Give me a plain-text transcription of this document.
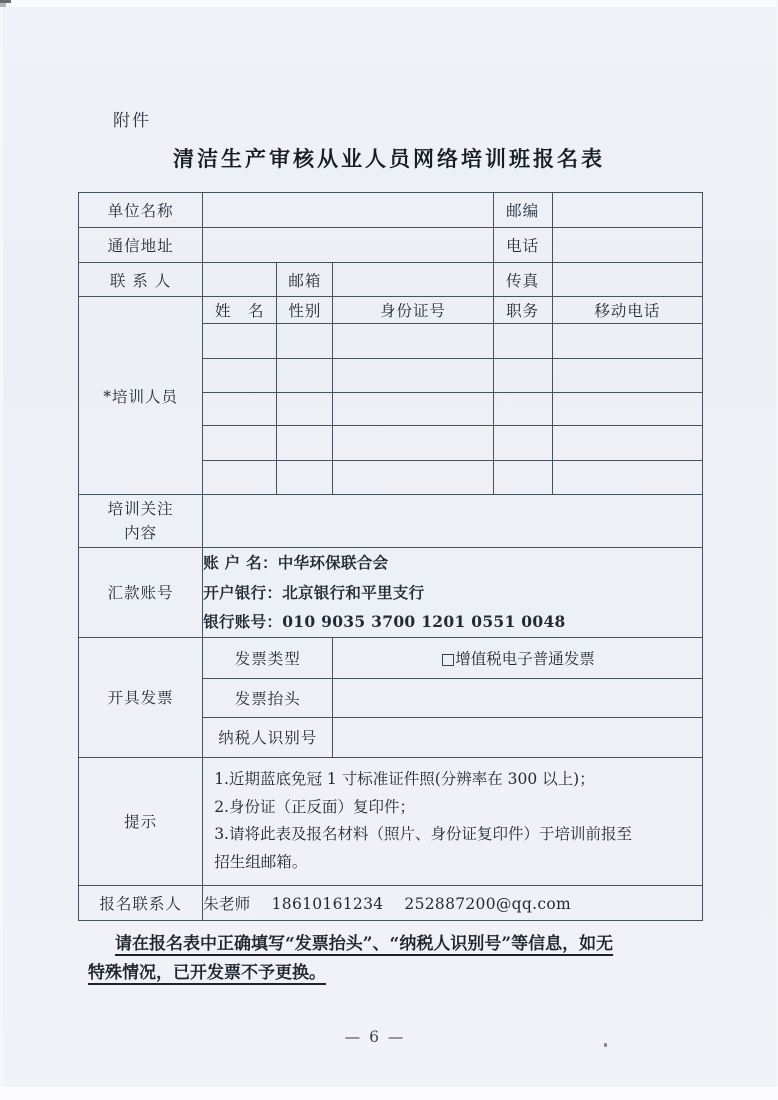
附件
清洁生产审核从业人员网络培训班报名表
单位名称				邮编	
通信地址				电话	
联 系 人		邮箱		传真	
*培训人员	姓　名	性别	身份证号	职务	移动电话

培训关注
内容					

汇款账号	账 户 名：中华环保联合会
开户银行：北京银行和平里支行
银行账号：010 9035 3700 1201 0551 0048				

开具发票	发票类型		□增值税电子普通发票		
	发票抬头				
	纳税人识别号				
提示	1.近期蓝底免冠 1 寸标准证件照(分辨率在 300 以上)；
2.身份证（正反面）复印件；
3.请将此表及报名材料（照片、身份证复印件）于培训前报至
招生组邮箱。				

报名联系人	朱老师　 18610161234 　252887200@qq.com				
请在报名表中正确填写“发票抬头”、“纳税人识别号”等信息，如无
特殊情况，已开发票不予更换。
— 6 —
